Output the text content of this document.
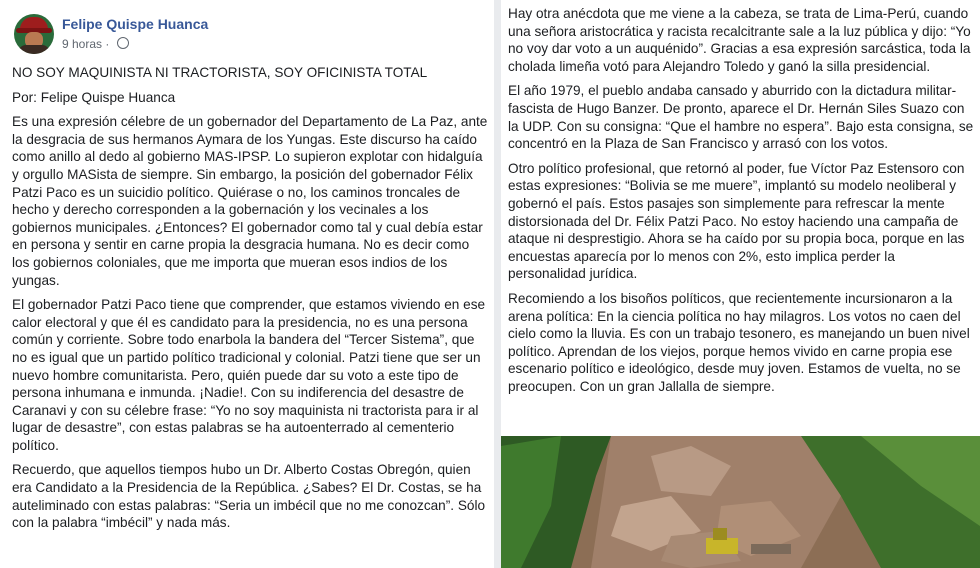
Felipe Quispe Huanca
9 horas ·

NO SOY MAQUINISTA NI TRACTORISTA, SOY OFICINISTA TOTAL

Por: Felipe Quispe Huanca

Es una expresión célebre de un gobernador del Departamento de La Paz, ante la desgracia de sus hermanos Aymara de los Yungas. Este discurso ha caído como anillo al dedo al gobierno MAS-IPSP. Lo supieron explotar con hidalguía y orgullo MASista de siempre. Sin embargo, la posición del gobernador Félix Patzi Paco es un suicidio político. Quiérase o no, los caminos troncales de hecho y derecho corresponden a la gobernación y los vecinales a los gobiernos municipales. ¿Entonces? El gobernador como tal y cual debía estar en persona y sentir en carne propia la desgracia humana. No es decir como los gobiernos coloniales, que me importa que mueran esos indios de los yungas.

El gobernador Patzi Paco tiene que comprender, que estamos viviendo en ese calor electoral y que él es candidato para la presidencia, no es una persona común y corriente. Sobre todo enarbola la bandera del “Tercer Sistema”, que no es igual que un partido político tradicional y colonial. Patzi tiene que ser un nuevo hombre comunitarista. Pero, quién puede dar su voto a este tipo de persona inhumana e inmunda. ¡Nadie!. Con su indiferencia del desastre de Caranavi y con su célebre frase: “Yo no soy maquinista ni tractorista para ir al lugar de desastre”, con estas palabras se ha autoenterrado al cementerio político.

Recuerdo, que aquellos tiempos hubo un Dr. Alberto Costas Obregón, quien era Candidato a la Presidencia de la República. ¿Sabes? El Dr. Costas, se ha auteliminado con estas palabras: “Seria un imbécil que no me conozcan”. Sólo con la palabra “imbécil” y nada más.

Hay otra anécdota que me viene a la cabeza, se trata de Lima-Perú, cuando una señora aristocrática y racista recalcitrante sale a la luz pública y dijo: “Yo no voy dar voto a un auquénido”. Gracias a esa expresión sarcástica, toda la cholada limeña votó para Alejandro Toledo y ganó la silla presidencial.

El año 1979, el pueblo andaba cansado y aburrido con la dictadura militar-fascista de Hugo Banzer. De pronto, aparece el Dr. Hernán Siles Suazo con la UDP. Con su consigna: “Que el hambre no espera”. Bajo esta consigna, se concentró en la Plaza de San Francisco y arrasó con los votos.

Otro político profesional, que retornó al poder, fue Víctor Paz Estensoro con estas expresiones: “Bolivia se me muere”, implantó su modelo neoliberal y gobernó el país. Estos pasajes son simplemente para refrescar la mente distorsionada del Dr. Félix Patzi Paco. No estoy haciendo una campaña de ataque ni desprestigio. Ahora se ha caído por su propia boca, porque en las encuestas aparecía por lo menos con 2%, esto implica perder la personalidad jurídica.

Recomiendo a los bisoños políticos, que recientemente incursionaron a la arena política: En la ciencia política no hay milagros. Los votos no caen del cielo como la lluvia. Es con un trabajo tesonero, es manejando un buen nivel político. Aprendan de los viejos, porque hemos vivido en carne propia ese escenario político e ideológico, desde muy joven. Estamos de vuelta, no se preocupen. Con un gran Jallalla de siempre.
